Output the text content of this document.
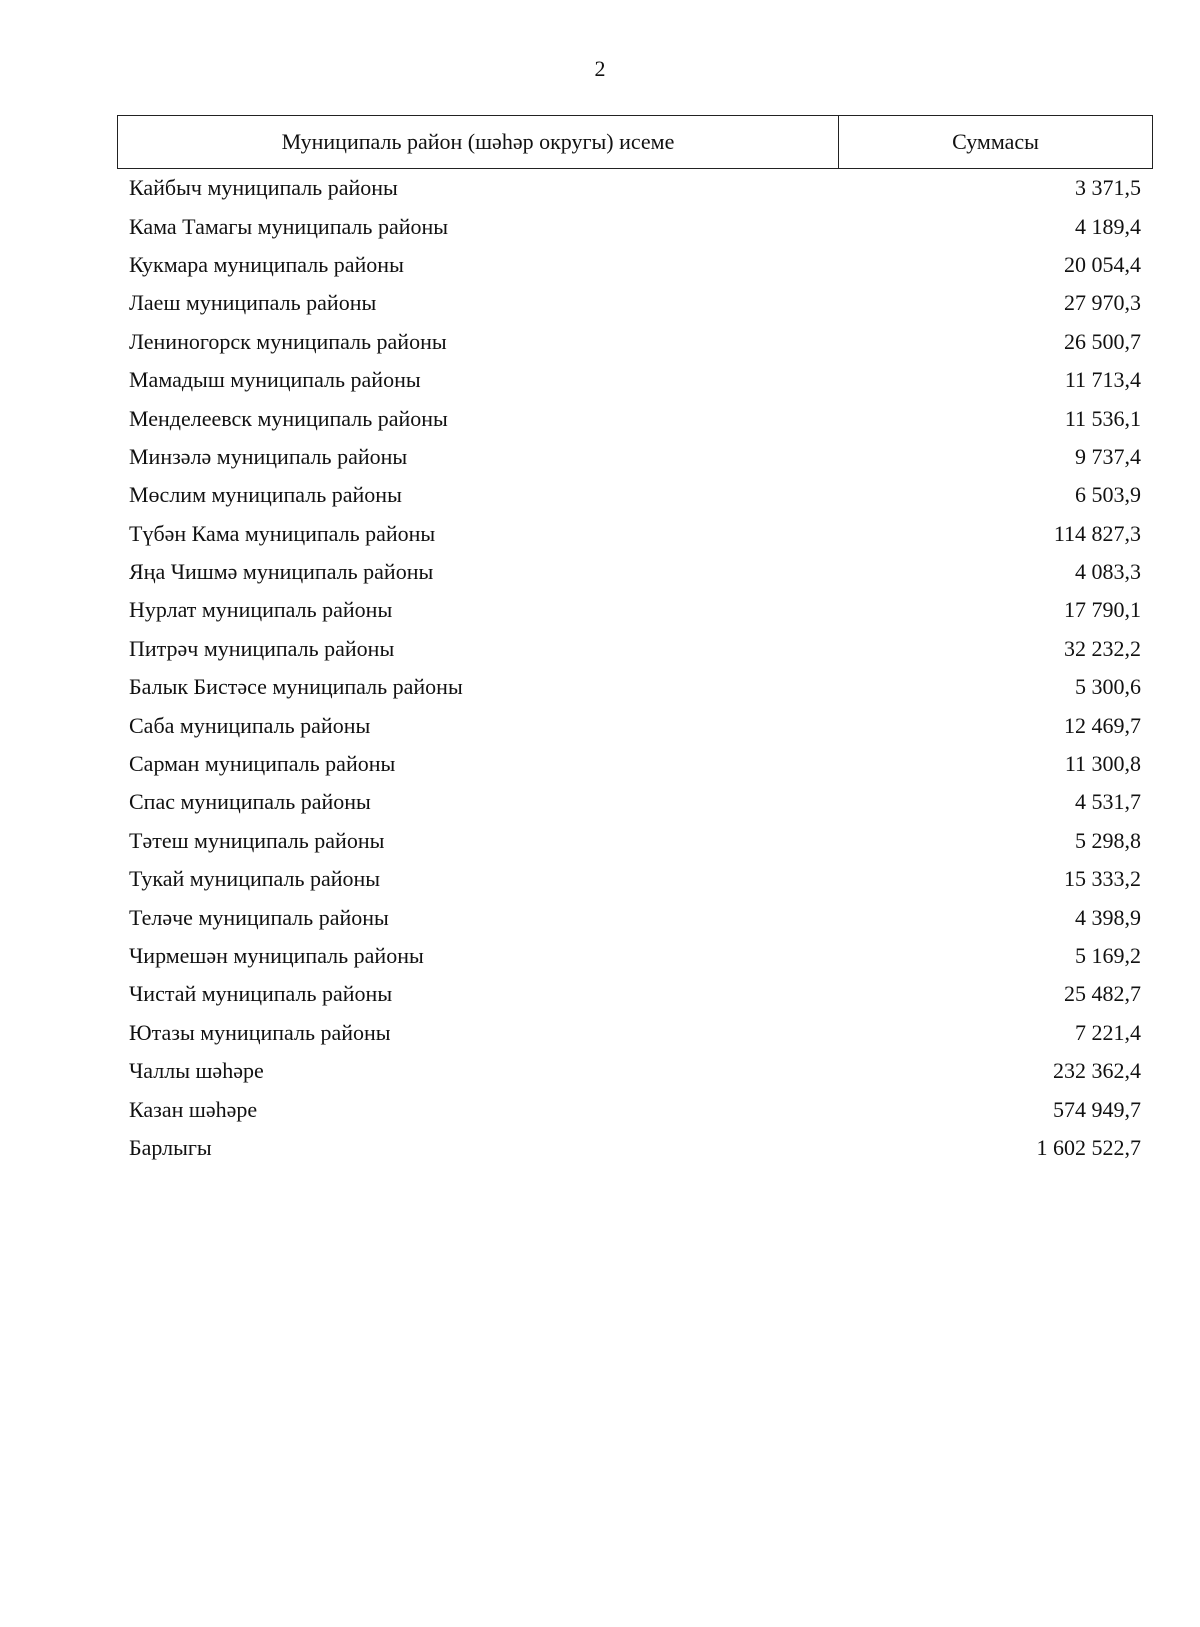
2
Муниципаль район (шәһәр округы) исеме	Суммасы
Кайбыч муниципаль районы	3 371,5
Кама Тамагы муниципаль районы	4 189,4
Кукмара муниципаль районы	20 054,4
Лаеш муниципаль районы	27 970,3
Лениногорск муниципаль районы	26 500,7
Мамадыш муниципаль районы	11 713,4
Менделеевск муниципаль районы	11 536,1
Минзәлә муниципаль районы	9 737,4
Мөслим муниципаль районы	6 503,9
Түбән Кама муниципаль районы	114 827,3
Яңа Чишмә муниципаль районы	4 083,3
Нурлат муниципаль районы	17 790,1
Питрәч муниципаль районы	32 232,2
Балык Бистәсе муниципаль районы	5 300,6
Саба муниципаль районы	12 469,7
Сарман муниципаль районы	11 300,8
Спас муниципаль районы	4 531,7
Тәтеш муниципаль районы	5 298,8
Тукай муниципаль районы	15 333,2
Теләче муниципаль районы	4 398,9
Чирмешән муниципаль районы	5 169,2
Чистай муниципаль районы	25 482,7
Ютазы муниципаль районы	7 221,4
Чаллы шәһәре	232 362,4
Казан шәһәре	574 949,7
Барлыгы	1 602 522,7
